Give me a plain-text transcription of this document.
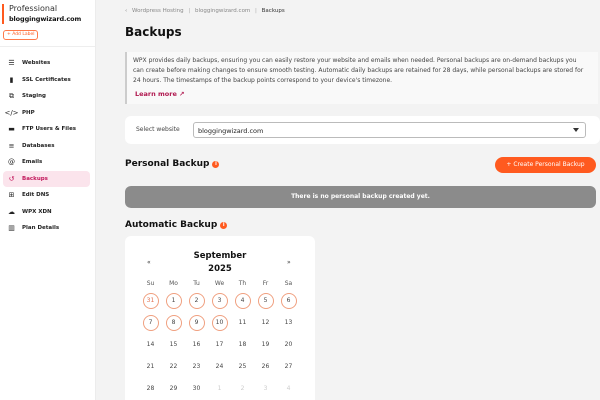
Professional
bloggingwizard.com
+ Add Label
☰ Websites
▮	SSL Certificates
⧉	Staging
</> PHP
▬ FTP Users & Files
≡ Databases
@ Emails
↺ Backups
⊞ Edit DNS
☁ WPX XDN
▥ Plan Details
‹ Wordpress Hosting | bloggingwizard.com | Backups
Backups

WPX provides daily backups, ensuring you can easily restore your website and emails when needed. Personal backups are on-demand backups you can create before making changes to ensure smooth testing. Automatic daily backups are retained for 28 days, while personal backups are stored for 24 hours. The timestamps of the backup points correspond to your device's timezone.

Learn more ↗
Select website	bloggingwizard.com
Personal Backup	i	+ Create Personal Backup
There is no personal backup created yet.
Automatic Backup	i
«
September
2025
»
Su	Mo	Tu	We	Th	Fr	Sa
31	1	2	3	4	5	6
7	8	9	10	11	12	13
14	15	16	17	18	19	20
21	22	23	24	25	26	27
28	29	30	1	2	3	4
